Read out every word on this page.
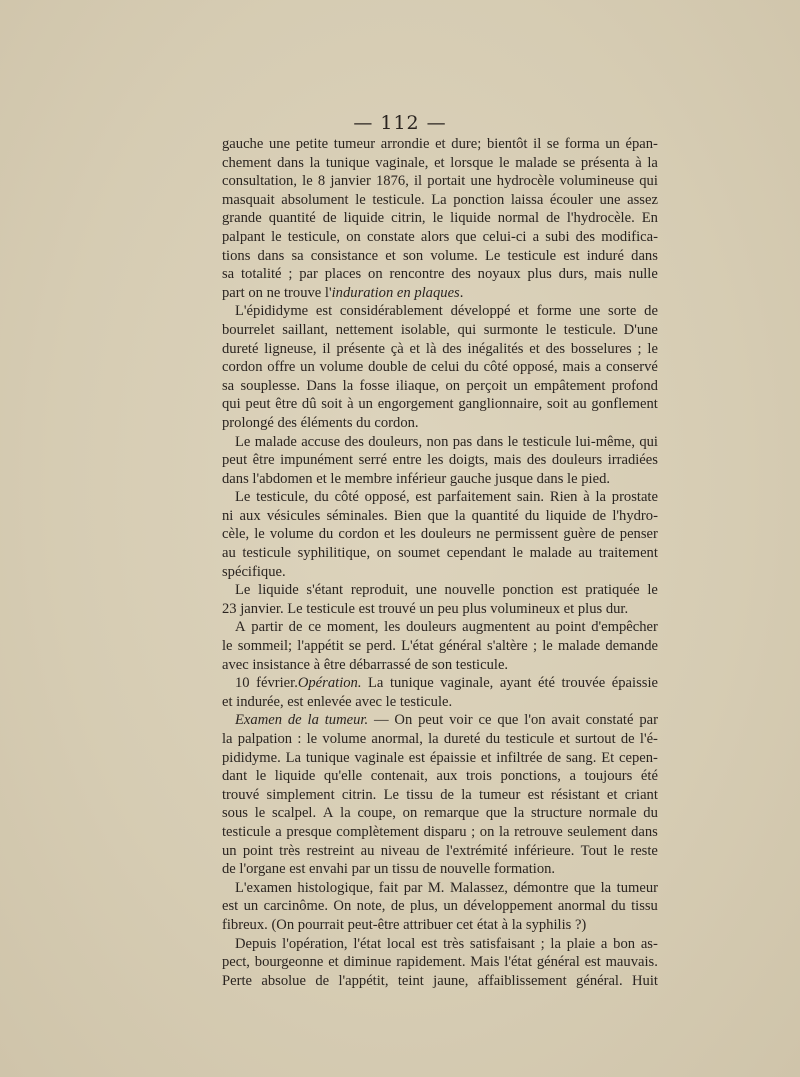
— 112 —
gauche une petite tumeur arrondie et dure; bientôt il se forma un épan-
chement dans la tunique vaginale, et lorsque le malade se présenta à la
consultation, le 8 janvier 1876, il portait une hydrocèle volumineuse qui
masquait absolument le testicule. La ponction laissa écouler une assez
grande quantité de liquide citrin, le liquide normal de l'hydrocèle. En
palpant le testicule, on constate alors que celui-ci a subi des modifica-
tions dans sa consistance et son volume. Le testicule est induré dans
sa totalité ; par places on rencontre des noyaux plus durs, mais nulle
part on ne trouve l' induration en plaques .
L'épididyme est considérablement développé et forme une sorte de
bourrelet saillant, nettement isolable, qui surmonte le testicule. D'une
dureté ligneuse, il présente çà et là des inégalités et des bosselures ; le
cordon offre un volume double de celui du côté opposé, mais a conservé
sa souplesse. Dans la fosse iliaque, on perçoit un empâtement profond
qui peut être dû soit à un engorgement ganglionnaire, soit au gonflement
prolongé des éléments du cordon.
Le malade accuse des douleurs, non pas dans le testicule lui-même, qui
peut être impunément serré entre les doigts, mais des douleurs irradiées
dans l'abdomen et le membre inférieur gauche jusque dans le pied.
Le testicule, du côté opposé, est parfaitement sain. Rien à la prostate
ni aux vésicules séminales. Bien que la quantité du liquide de l'hydro-
cèle, le volume du cordon et les douleurs ne permissent guère de penser
au testicule syphilitique, on soumet cependant le malade au traitement
spécifique.
Le liquide s'étant reproduit, une nouvelle ponction est pratiquée le
23 janvier. Le testicule est trouvé un peu plus volumineux et plus dur.
A partir de ce moment, les douleurs augmentent au point d'empêcher
le sommeil; l'appétit se perd. L'état général s'altère ; le malade demande
avec insistance à être débarrassé de son testicule.
10 février.Opération. La tunique vaginale, ayant été trouvée épaissie
et indurée, est enlevée avec le testicule.
Examen de la tumeur. — On peut voir ce que l'on avait constaté par
la palpation : le volume anormal, la dureté du testicule et surtout de l'é-
pididyme. La tunique vaginale est épaissie et infiltrée de sang. Et cepen-
dant le liquide qu'elle contenait, aux trois ponctions, a toujours été
trouvé simplement citrin. Le tissu de la tumeur est résistant et criant
sous le scalpel. A la coupe, on remarque que la structure normale du
testicule a presque complètement disparu ; on la retrouve seulement dans
un point très restreint au niveau de l'extrémité inférieure. Tout le reste
de l'organe est envahi par un tissu de nouvelle formation.
L'examen histologique, fait par M. Malassez, démontre que la tumeur
est un carcinôme. On note, de plus, un développement anormal du tissu
fibreux. (On pourrait peut-être attribuer cet état à la syphilis ?)
Depuis l'opération, l'état local est très satisfaisant ; la plaie a bon as-
pect, bourgeonne et diminue rapidement. Mais l'état général est mauvais.
Perte absolue de l'appétit, teint jaune, affaiblissement général. Huit
